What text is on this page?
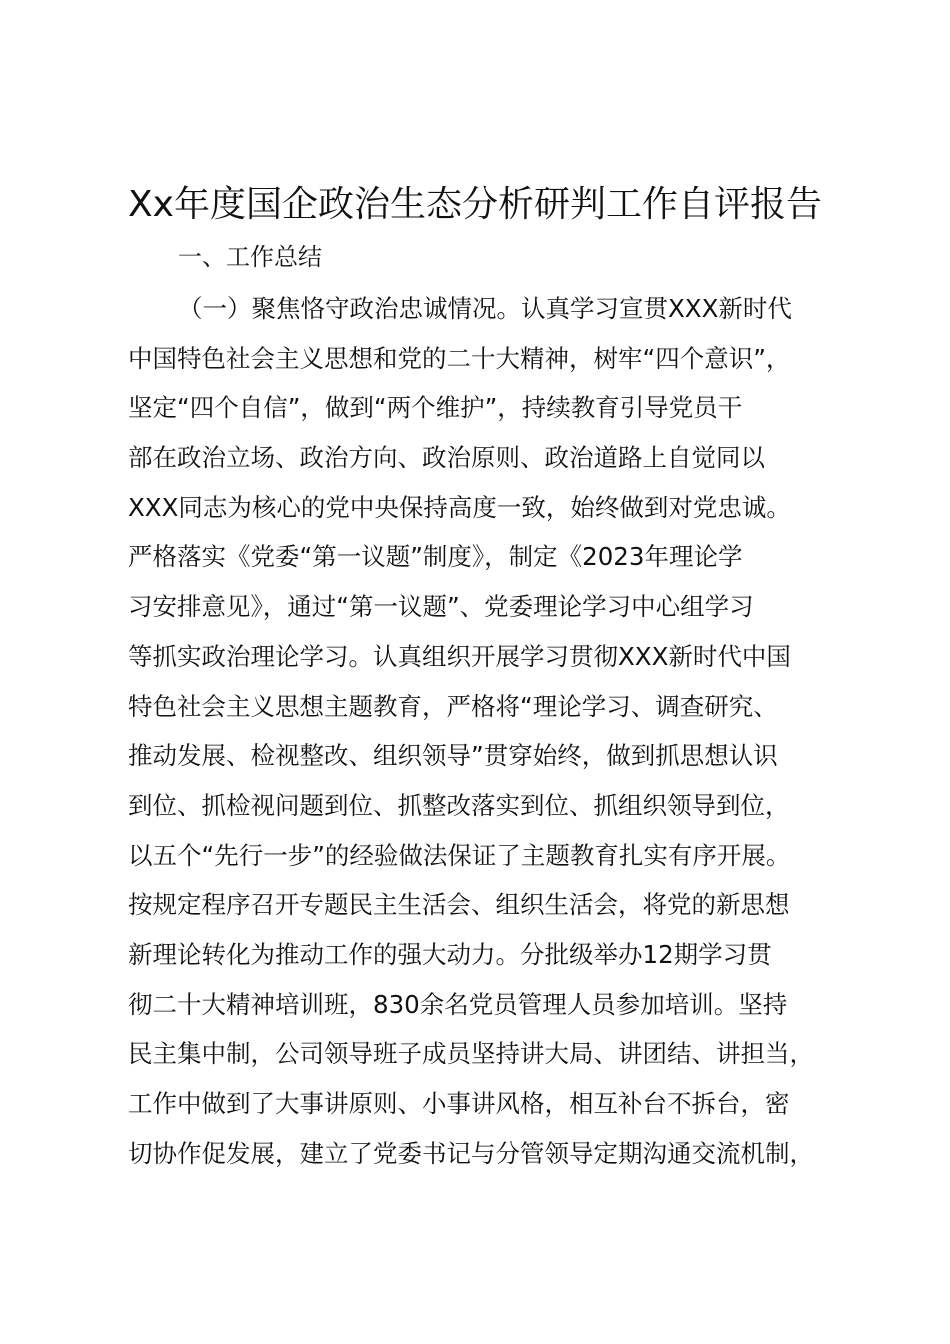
Xx年度国企政治生态分析研判工作自评报告
一、工作总结
（一）聚焦恪守政治忠诚情况。认真学习宣贯XXX新时代
中国特色社会主义思想和党的二十大精神，树牢“四个意识”，
坚定“四个自信”，做到“两个维护”，持续教育引导党员干
部在政治立场、政治方向、政治原则、政治道路上自觉同以
XXX同志为核心的党中央保持高度一致，始终做到对党忠诚。
严格落实《党委“第一议题”制度》，制定《2023年理论学
习安排意见》，通过“第一议题”、党委理论学习中心组学习
等抓实政治理论学习。认真组织开展学习贯彻XXX新时代中国
特色社会主义思想主题教育，严格将“理论学习、调查研究、
推动发展、检视整改、组织领导”贯穿始终，做到抓思想认识
到位、抓检视问题到位、抓整改落实到位、抓组织领导到位，
以五个“先行一步”的经验做法保证了主题教育扎实有序开展。
按规定程序召开专题民主生活会、组织生活会，将党的新思想
新理论转化为推动工作的强大动力。分批级举办12期学习贯
彻二十大精神培训班，830余名党员管理人员参加培训。坚持
民主集中制，公司领导班子成员坚持讲大局、讲团结、讲担当，
工作中做到了大事讲原则、小事讲风格，相互补台不拆台，密
切协作促发展，建立了党委书记与分管领导定期沟通交流机制，
